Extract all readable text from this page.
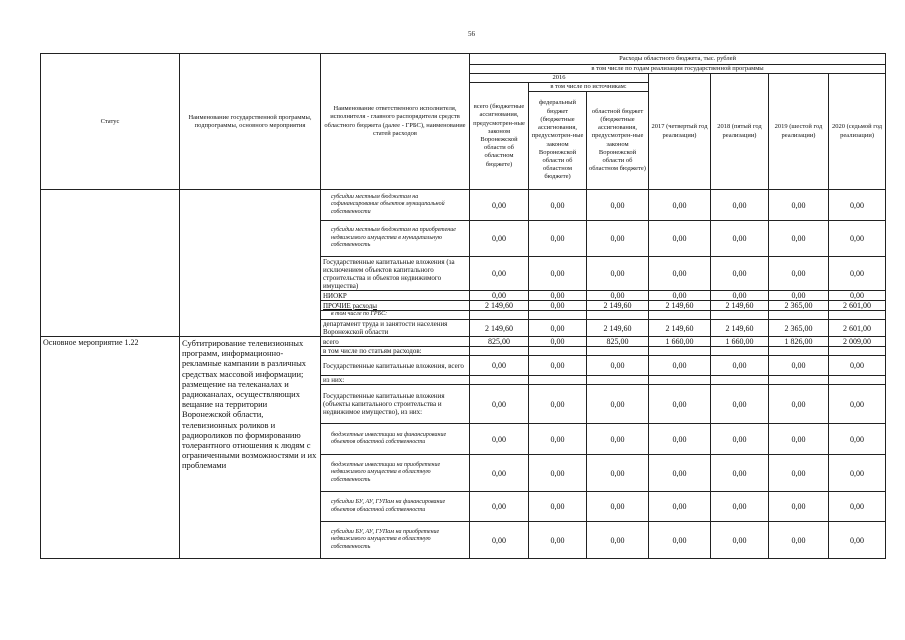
56
Статус	Наименование государственной программы, подпрограммы, основного мероприятия	Наименование ответственного исполнителя, исполнителя - главного распорядителя средств областного бюджета (далее - ГРБС), наименование статей расходов	Расходы областного бюджета, тыс. рублей						
			в том числе по годам реализации государственной программы						
			2016			2017 (четвертый год реализации)	2018 (пятый год реализации)	2019 (шестой год реализации)	2020 (седьмой год реализации)
			всего (бюджетные ассигнования, предусмотрен-ные законом Воронежской области об областном бюджете)	в том числе по источникам:					
				федеральный бюджет (бюджетные ассигнования, предусмотрен-ные законом Воронежской области об областном бюджете)	областной бюджет (бюджетные ассигнования, предусмотрен-ные законом Воронежской области об областном бюджете)				
		субсидии местным бюджетам на софинансирование объектов муниципальной собственности	0,00	0,00	0,00	0,00	0,00	0,00	0,00
		субсидии местным бюджетам на приобретение недвижимого имущества в муниципальную собственность	0,00	0,00	0,00	0,00	0,00	0,00	0,00
		Государственные капитальные вложения (за исключением объектов капитального строительства и объектов недвижимого имущества)	0,00	0,00	0,00	0,00	0,00	0,00	0,00
		НИОКР	0,00	0,00	0,00	0,00	0,00	0,00	0,00
		ПРОЧИЕ расходы	2 149,60	0,00	2 149,60	2 149,60	2 149,60	2 365,00	2 601,00
		в том числе по ГРБС:							
		департамент труда и занятости населения Воронежской области	2 149,60	0,00	2 149,60	2 149,60	2 149,60	2 365,00	2 601,00
Основное мероприятие 1.22	Субтитрирование телевизионных программ, информационно-рекламные кампании в различных средствах массовой информации; размещение на телеканалах и радиоканалах, осуществляющих вещание на территории Воронежской области, телевизионных роликов и радиороликов по формированию толерантного отношения к людям с ограниченными возможностями и их проблемами	всего	825,00	0,00	825,00	1 660,00	1 660,00	1 826,00	2 009,00
		в том числе по статьям расходов:							
		Государственные капитальные вложения, всего	0,00	0,00	0,00	0,00	0,00	0,00	0,00
		из них:							
		Государственные капитальные вложения (объекты капитального строительства и недвижимое имущество), из них:	0,00	0,00	0,00	0,00	0,00	0,00	0,00
		бюджетные инвестиции на финансирование объектов областной собственности	0,00	0,00	0,00	0,00	0,00	0,00	0,00
		бюджетные инвестиции на приобретение недвижимого имущества в областную собственность	0,00	0,00	0,00	0,00	0,00	0,00	0,00
		субсидии БУ, АУ, ГУПам на финансирование объектов областной собственности	0,00	0,00	0,00	0,00	0,00	0,00	0,00
		субсидии БУ, АУ, ГУПам на приобретение недвижимого имущества в областную собственность	0,00	0,00	0,00	0,00	0,00	0,00	0,00
